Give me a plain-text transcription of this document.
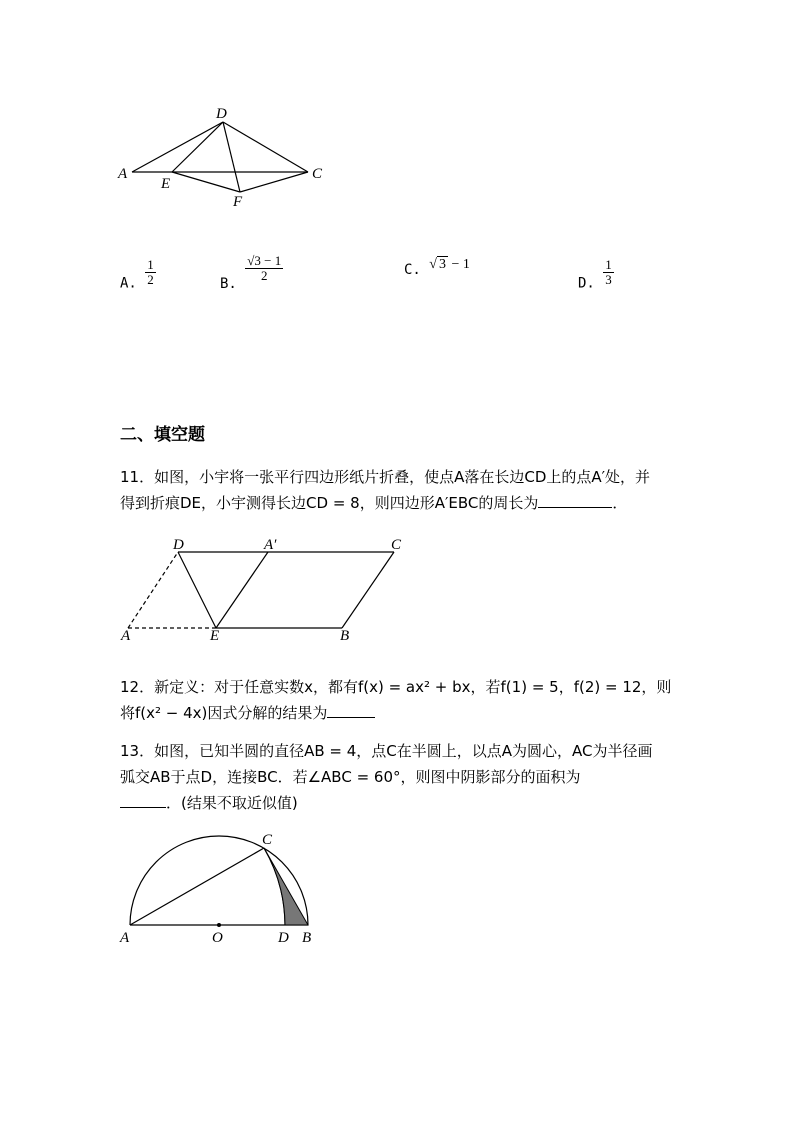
A
D
C
E
F
A. $\frac{1}{2}$	B.
$\frac{√3 - 1}{2}$	C. √ 3 − 1
D. $\frac{1}{3}$
二、填空题
11．如图，小宇将一张平行四边形纸片折叠，使点A落在长边CD上的点A′处，并
得到折痕DE，小宇测得长边CD = 8，则四边形A′EBC的周长为	．
D	A′	C
A	E	B
12．新定义：对于任意实数x，都有f(x) = ax² + bx，若f(1) = 5，f(2) = 12，则
将f(x² − 4x)因式分解的结果为
13．如图，已知半圆的直径AB = 4，点C在半圆上，以点A为圆心，AC为半径画
弧交AB于点D，连接BC．若∠ABC = 60°，则图中阴影部分的面积为
．(结果不取近似值)
C
A	O	D B
